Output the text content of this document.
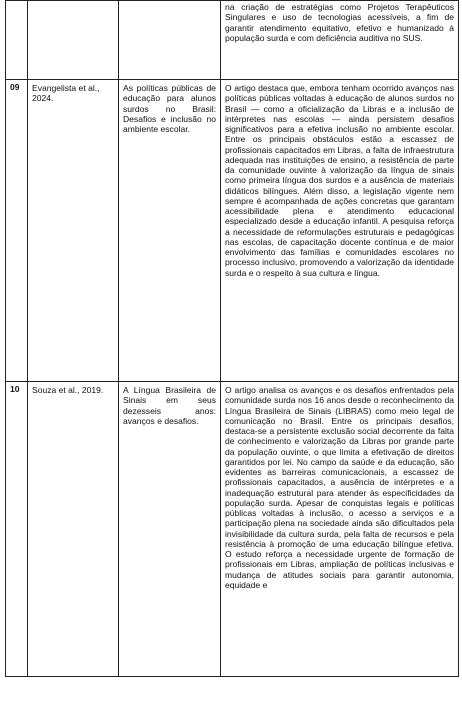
			na criação de estratégias como Projetos Terapêuticos Singulares e uso de tecnologias acessíveis, a fim de garantir atendimento equitativo, efetivo e humanizado à população surda e com deficiência auditiva no SUS.
09	Evangelista et al., 2024.	As políticas públicas de educação para alunos surdos no Brasil: Desafios e inclusão no ambiente escolar.	O artigo destaca que, embora tenham ocorrido avanços nas políticas públicas voltadas à educação de alunos surdos no Brasil — como a oficialização da Libras e a inclusão de intérpretes nas escolas — ainda persistem desafios significativos para a efetiva inclusão no ambiente escolar. Entre os principais obstáculos estão a escassez de profissionais capacitados em Libras, a falta de infraestrutura adequada nas instituições de ensino, a resistência de parte da comunidade ouvinte à valorização da língua de sinais como primeira língua dos surdos e a ausência de materiais didáticos bilíngues. Além disso, a legislação vigente nem sempre é acompanhada de ações concretas que garantam acessibilidade plena e atendimento educacional especializado desde a educação infantil. A pesquisa reforça a necessidade de reformulações estruturais e pedagógicas nas escolas, de capacitação docente contínua e de maior envolvimento das famílias e comunidades escolares no processo inclusivo, promovendo a valorização da identidade surda e o respeito à sua cultura e língua.
10	Souza et al., 2019.	A Língua Brasileira de Sinais em seus dezesseis anos: avanços e desafios.	O artigo analisa os avanços e os desafios enfrentados pela comunidade surda nos 16 anos desde o reconhecimento da Língua Brasileira de Sinais (LIBRAS) como meio legal de comunicação no Brasil. Entre os principais desafios, destaca-se a persistente exclusão social decorrente da falta de conhecimento e valorização da Libras por grande parte da população ouvinte, o que limita a efetivação de direitos garantidos por lei. No campo da saúde e da educação, são evidentes as barreiras comunicacionais, a escassez de profissionais capacitados, a ausência de intérpretes e a inadequação estrutural para atender às especificidades da população surda. Apesar de conquistas legais e políticas públicas voltadas à inclusão, o acesso a serviços e a participação plena na sociedade ainda são dificultados pela invisibilidade da cultura surda, pela falta de recursos e pela resistência à promoção de uma educação bilíngue efetiva. O estudo reforça a necessidade urgente de formação de profissionais em Libras, ampliação de políticas inclusivas e mudança de atitudes sociais para garantir autonomia, equidade e
